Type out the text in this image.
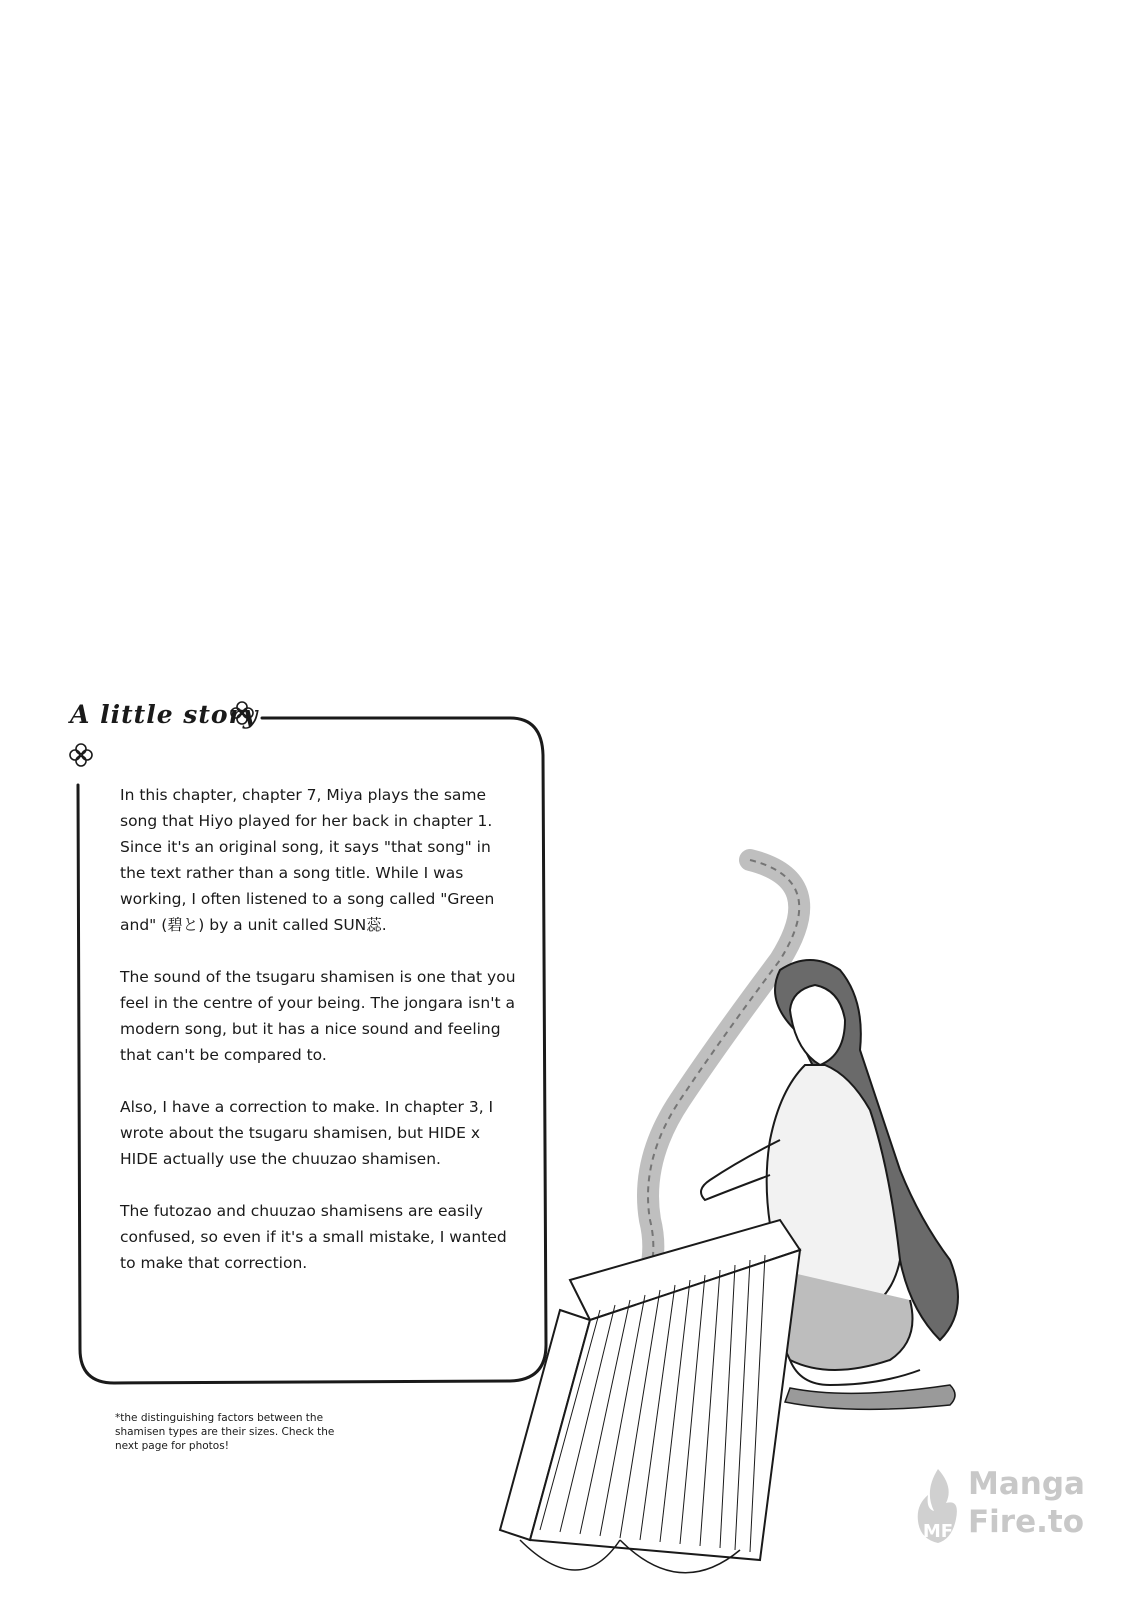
A little story

In this chapter, chapter 7, Miya plays the same song that Hiyo played for her back in chapter 1. Since it's an original song, it says "that song" in the text rather than a song title. While I was working, I often listened to a song called "Green and" (碧と) by a unit called SUN蕊.

The sound of the tsugaru shamisen is one that you feel in the centre of your being. The jongara isn't a modern song, but it has a nice sound and feeling that can't be compared to.

Also, I have a correction to make. In chapter 3, I wrote about the tsugaru shamisen, but HIDE x HIDE actually use the chuuzao shamisen.

The futozao and chuuzao shamisens are easily confused, so even if it's a small mistake, I wanted to make that correction.

*the distinguishing factors between the shamisen types are their sizes. Check the next page for photos!
MF
Manga
Fire.to
